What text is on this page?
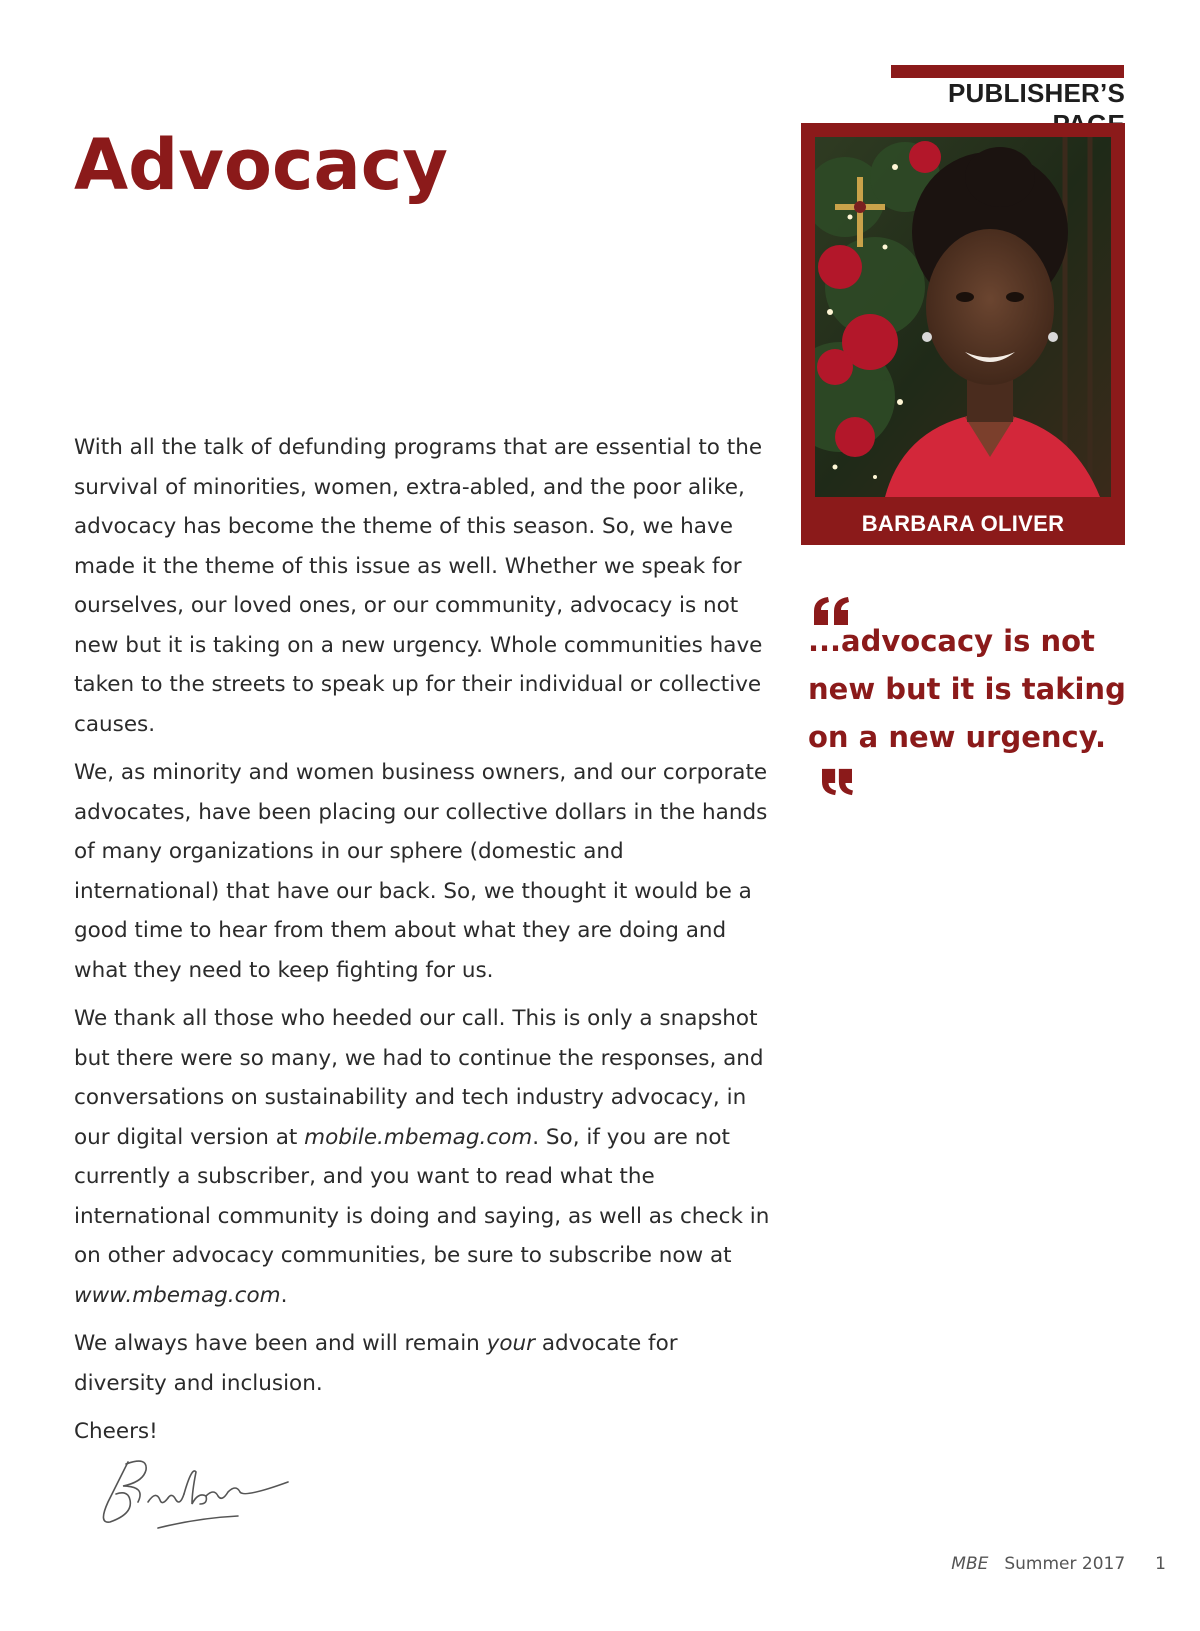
PUBLISHER’S
Advocacy
BARBARA OLIVER

...advocacy is not new but it is taking on a new urgency.

With all the talk of defunding programs that are essential to the survival of minorities, women, extra-abled, and the poor alike, advocacy has become the theme of this season. So, we have made it the theme of this issue as well. Whether we speak for ourselves, our loved ones, or our community, advocacy is not new but it is taking on a new urgency. Whole communities have taken to the streets to speak up for their individual or collective causes.

We, as minority and women business owners, and our corporate advocates, have been placing our collective dollars in the hands of many organizations in our sphere (domestic and international) that have our back. So, we thought it would be a good time to hear from them about what they are doing and what they need to keep fighting for us.

We thank all those who heeded our call. This is only a snapshot but there were so many, we had to continue the responses, and conversations on sustainability and tech industry advocacy, in our digital version at mobile.mbemag.com. So, if you are not currently a subscriber, and you want to read what the international community is doing and saying, as well as check in on other advocacy communities, be sure to subscribe now at www.mbemag.com.

We always have been and will remain your advocate for diversity and inclusion.

Cheers!

MBE Summer 2017 1
